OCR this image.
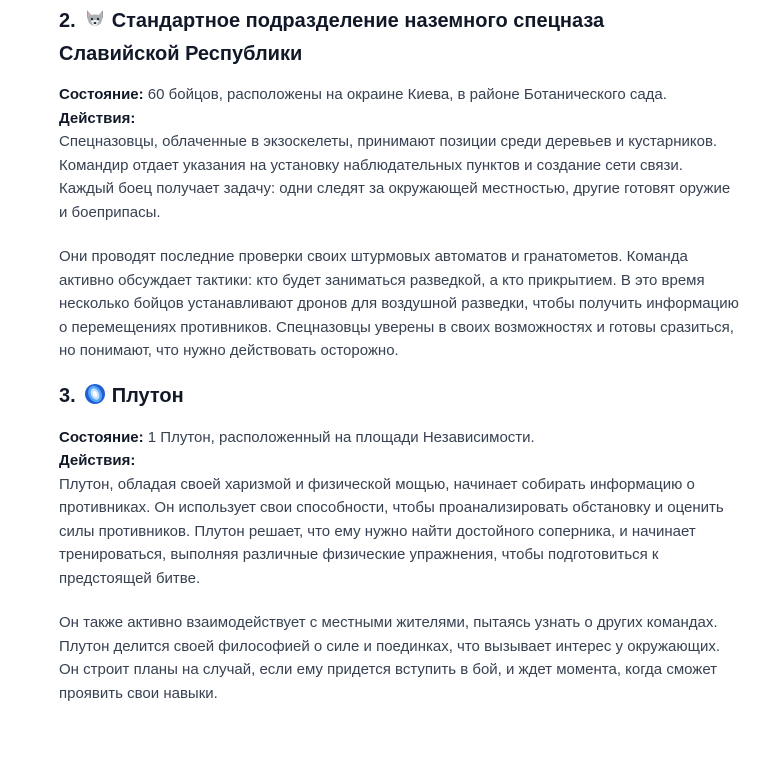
2. Стандартное подразделение наземного спецназа
Славийской Республики

Состояние: 60 бойцов, расположены на окраине Киева, в районе Ботанического сада.
Действия:
Спецназовцы, облаченные в экзоскелеты, принимают позиции среди деревьев и кустарников. Командир отдает указания на установку наблюдательных пунктов и создание сети связи. Каждый боец получает задачу: одни следят за окружающей местностью, другие готовят оружие и боеприпасы.

Они проводят последние проверки своих штурмовых автоматов и гранатометов. Команда активно обсуждает тактики: кто будет заниматься разведкой, а кто прикрытием. В это время несколько бойцов устанавливают дронов для воздушной разведки, чтобы получить информацию о перемещениях противников. Спецназовцы уверены в своих возможностях и готовы сразиться, но понимают, что нужно действовать осторожно.

3. Плутон

Состояние: 1 Плутон, расположенный на площади Независимости.
Действия:
Плутон, обладая своей харизмой и физической мощью, начинает собирать информацию о противниках. Он использует свои способности, чтобы проанализировать обстановку и оценить силы противников. Плутон решает, что ему нужно найти достойного соперника, и начинает тренироваться, выполняя различные физические упражнения, чтобы подготовиться к предстоящей битве.

Он также активно взаимодействует с местными жителями, пытаясь узнать о других командах. Плутон делится своей философией о силе и поединках, что вызывает интерес у окружающих. Он строит планы на случай, если ему придется вступить в бой, и ждет момента, когда сможет проявить свои навыки.
